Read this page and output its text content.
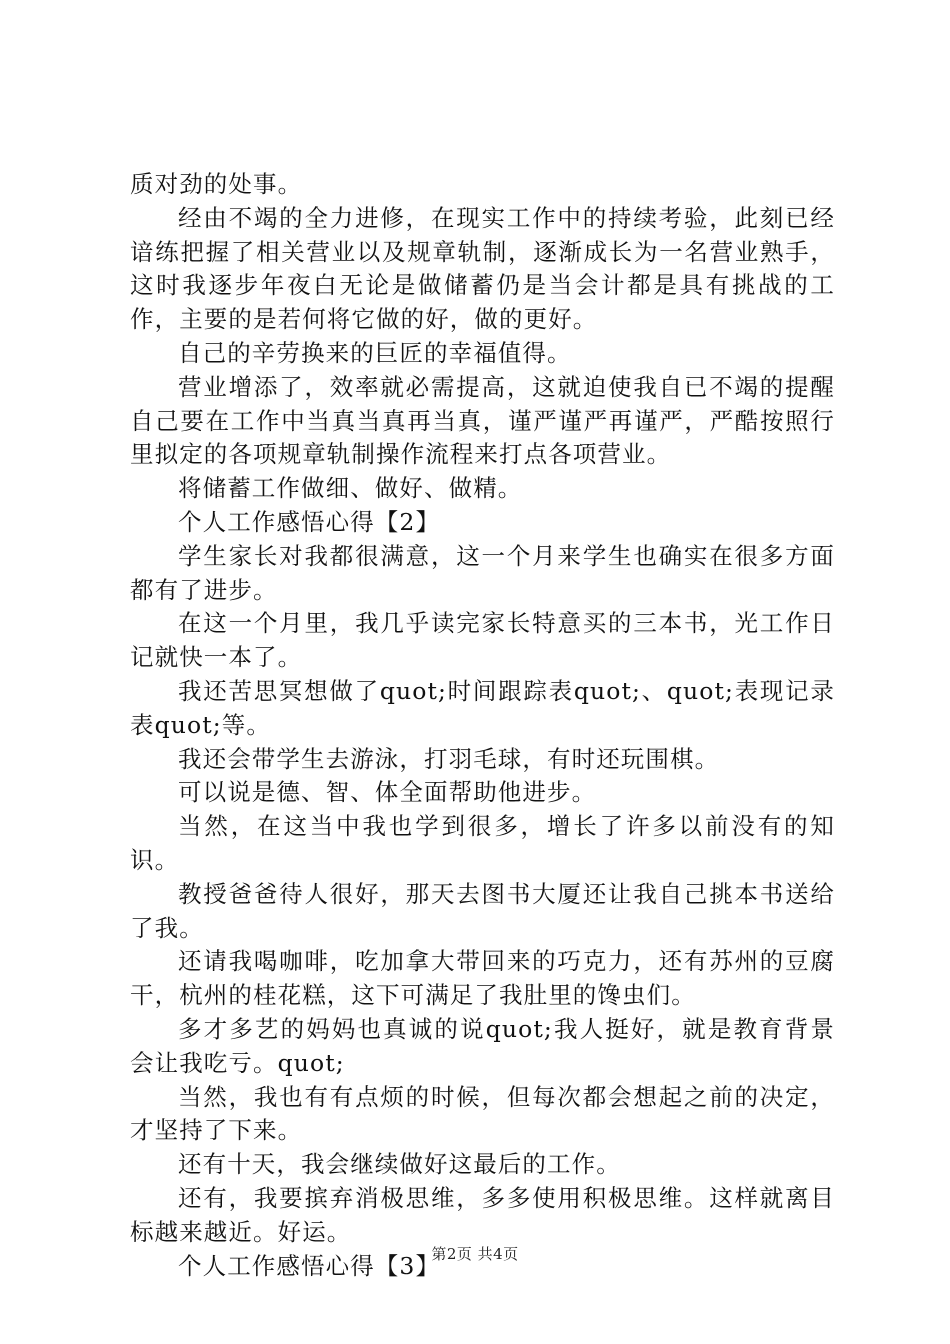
质对劲的处事。

经由不竭的全力进修，在现实工作中的持续考验，此刻已经谙练把握了相关营业以及规章轨制，逐渐成长为一名营业熟手，这时我逐步年夜白无论是做储蓄仍是当会计都是具有挑战的工作，主要的是若何将它做的好，做的更好。

自己的辛劳换来的巨匠的幸福值得。

营业增添了，效率就必需提高，这就迫使我自已不竭的提醒自己要在工作中当真当真再当真，谨严谨严再谨严，严酷按照行里拟定的各项规章轨制操作流程来打点各项营业。

将储蓄工作做细、做好、做精。

个人工作感悟心得【2】

学生家长对我都很满意，这一个月来学生也确实在很多方面都有了进步。

在这一个月里，我几乎读完家长特意买的三本书，光工作日记就快一本了。

我还苦思冥想做了quot;时间跟踪表quot;、quot;表现记录表quot;等。

我还会带学生去游泳，打羽毛球，有时还玩围棋。

可以说是德、智、体全面帮助他进步。

当然，在这当中我也学到很多，增长了许多以前没有的知识。

教授爸爸待人很好，那天去图书大厦还让我自己挑本书送给了我。

还请我喝咖啡，吃加拿大带回来的巧克力，还有苏州的豆腐干，杭州的桂花糕，这下可满足了我肚里的馋虫们。

多才多艺的妈妈也真诚的说quot;我人挺好，就是教育背景会让我吃亏。quot;

当然，我也有有点烦的时候，但每次都会想起之前的决定，才坚持了下来。

还有十天，我会继续做好这最后的工作。

还有，我要摈弃消极思维，多多使用积极思维。这样就离目标越来越近。好运。

个人工作感悟心得【3】

第2页 共4页
